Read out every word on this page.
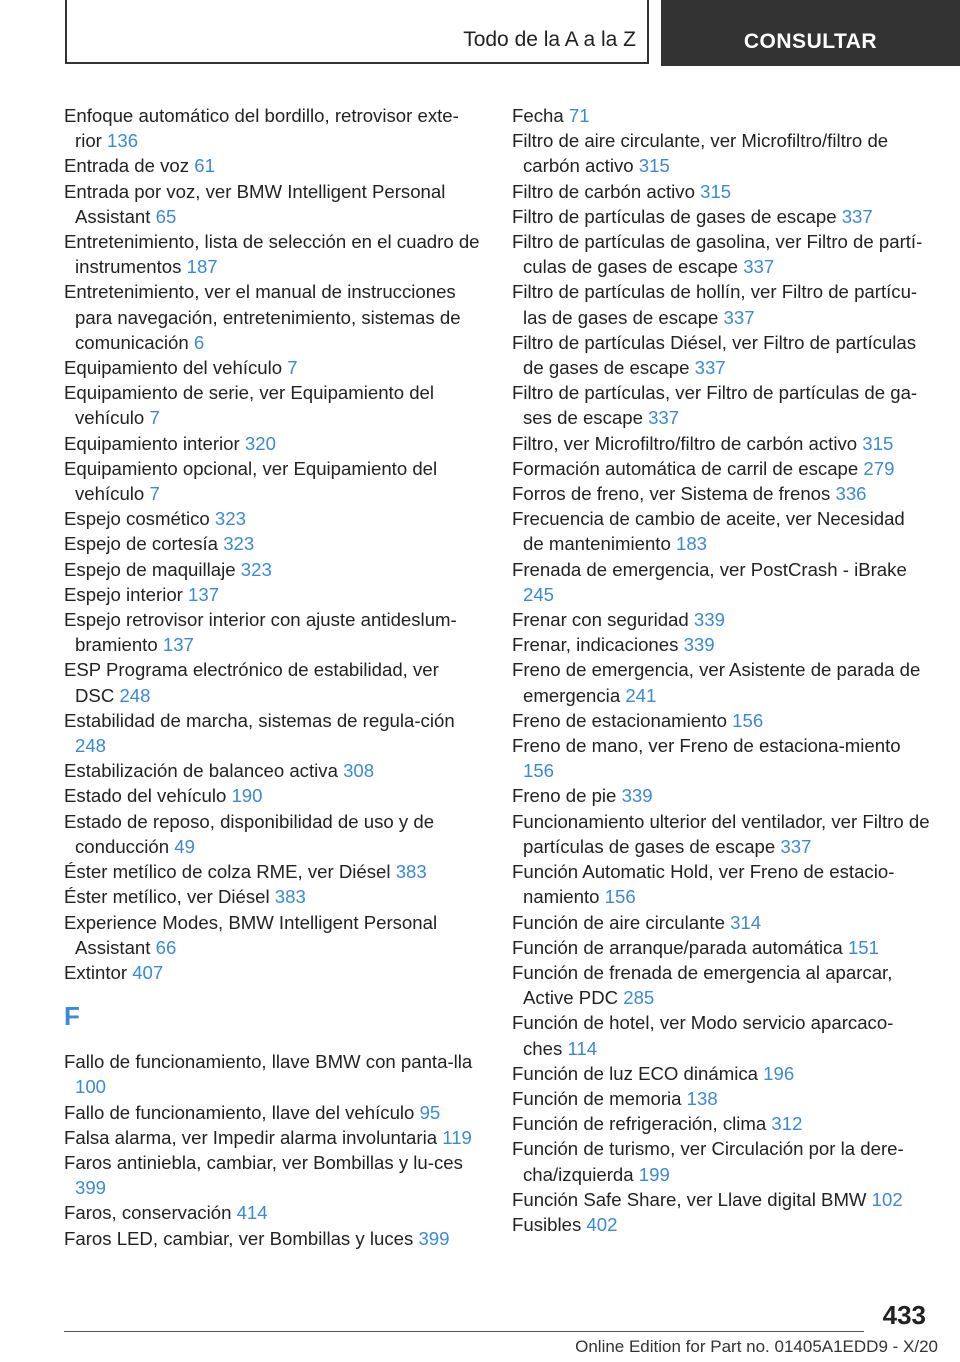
Todo de la A a la Z	CONSULTAR
Enfoque automático del bordillo, retrovisor exte-rior 136
Entrada de voz 61
Entrada por voz, ver BMW Intelligent Personal Assistant 65
Entretenimiento, lista de selección en el cuadro de instrumentos 187
Entretenimiento, ver el manual de instrucciones para navegación, entretenimiento, sistemas de comunicación 6
Equipamiento del vehículo 7
Equipamiento de serie, ver Equipamiento del vehículo 7
Equipamiento interior 320
Equipamiento opcional, ver Equipamiento del vehículo 7
Espejo cosmético 323
Espejo de cortesía 323
Espejo de maquillaje 323
Espejo interior 137
Espejo retrovisor interior con ajuste antideslum-bramiento 137
ESP Programa electrónico de estabilidad, ver DSC 248
Estabilidad de marcha, sistemas de regula-ción 248
Estabilización de balanceo activa 308
Estado del vehículo 190
Estado de reposo, disponibilidad de uso y de conducción 49
Éster metílico de colza RME, ver Diésel 383
Éster metílico, ver Diésel 383
Experience Modes, BMW Intelligent Personal Assistant 66
Extintor 407
F
Fallo de funcionamiento, llave BMW con panta-lla 100
Fallo de funcionamiento, llave del vehículo 95
Falsa alarma, ver Impedir alarma involuntaria 119
Faros antiniebla, cambiar, ver Bombillas y lu-ces 399
Faros, conservación 414
Faros LED, cambiar, ver Bombillas y luces 399
Fecha 71
Filtro de aire circulante, ver Microfiltro/filtro de carbón activo 315
Filtro de carbón activo 315
Filtro de partículas de gases de escape 337
Filtro de partículas de gasolina, ver Filtro de partí-culas de gases de escape 337
Filtro de partículas de hollín, ver Filtro de partícu-las de gases de escape 337
Filtro de partículas Diésel, ver Filtro de partículas de gases de escape 337
Filtro de partículas, ver Filtro de partículas de ga-ses de escape 337
Filtro, ver Microfiltro/filtro de carbón activo 315
Formación automática de carril de escape 279
Forros de freno, ver Sistema de frenos 336
Frecuencia de cambio de aceite, ver Necesidad de mantenimiento 183
Frenada de emergencia, ver PostCrash - iBrake 245
Frenar con seguridad 339
Frenar, indicaciones 339
Freno de emergencia, ver Asistente de parada de emergencia 241
Freno de estacionamiento 156
Freno de mano, ver Freno de estaciona-miento 156
Freno de pie 339
Funcionamiento ulterior del ventilador, ver Filtro de partículas de gases de escape 337
Función Automatic Hold, ver Freno de estacio-namiento 156
Función de aire circulante 314
Función de arranque/parada automática 151
Función de frenada de emergencia al aparcar, Active PDC 285
Función de hotel, ver Modo servicio aparcaco-ches 114
Función de luz ECO dinámica 196
Función de memoria 138
Función de refrigeración, clima 312
Función de turismo, ver Circulación por la dere-cha/izquierda 199
Función Safe Share, ver Llave digital BMW 102
Fusibles 402
433
Online Edition for Part no. 01405A1EDD9 - X/20
